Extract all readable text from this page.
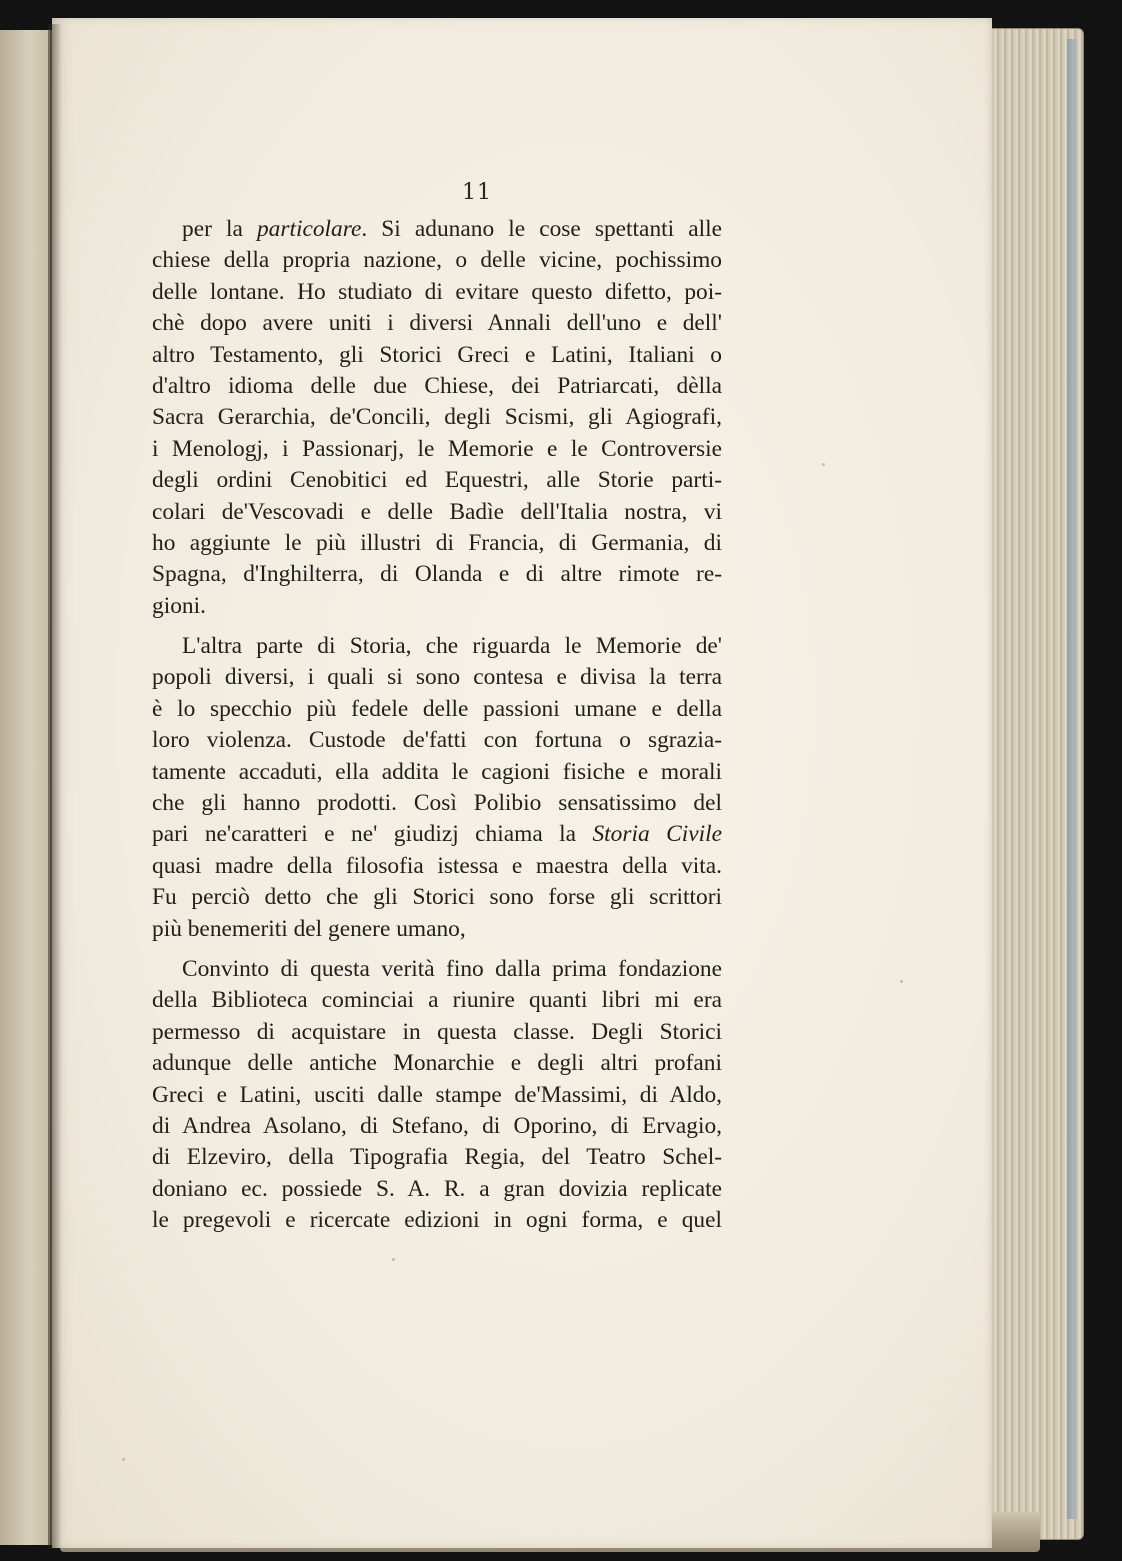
11
per la particolare. Si adunano le cose spettanti alle
chiese della propria nazione, o delle vicine, pochissimo
delle lontane. Ho studiato di evitare questo difetto, poi-
chè dopo avere uniti i diversi Annali dell'uno e dell'
altro Testamento, gli Storici Greci e Latini, Italiani o
d'altro idioma delle due Chiese, dei Patriarcati, dèlla
Sacra Gerarchia, de'Concili, degli Scismi, gli Agiografi,
i Menologj, i Passionarj, le Memorie e le Controversie
degli ordini Cenobitici ed Equestri, alle Storie parti-
colari de'Vescovadi e delle Badìe dell'Italia nostra, vi
ho aggiunte le più illustri di Francia, di Germania, di
Spagna, d'Inghilterra, di Olanda e di altre rimote re-
gioni.
L'altra parte di Storia, che riguarda le Memorie de'
popoli diversi, i quali si sono contesa e divisa la terra
è lo specchio più fedele delle passioni umane e della
loro violenza. Custode de'fatti con fortuna o sgrazia-
tamente accaduti, ella addita le cagioni fisiche e morali
che gli hanno prodotti. Così Polibio sensatissimo del
pari ne'caratteri e ne' giudizj chiama la Storia Civile
quasi madre della filosofia istessa e maestra della vita.
Fu perciò detto che gli Storici sono forse gli scrittori
più benemeriti del genere umano,
Convinto di questa verità fino dalla prima fondazione
della Biblioteca cominciai a riunire quanti libri mi era
permesso di acquistare in questa classe. Degli Storici
adunque delle antiche Monarchie e degli altri profani
Greci e Latini, usciti dalle stampe de'Massimi, di Aldo,
di Andrea Asolano, di Stefano, di Oporino, di Ervagio,
di Elzeviro, della Tipografia Regia, del Teatro Schel-
doniano ec. possiede S. A. R. a gran dovizia replicate
le pregevoli e ricercate edizioni in ogni forma, e quel
